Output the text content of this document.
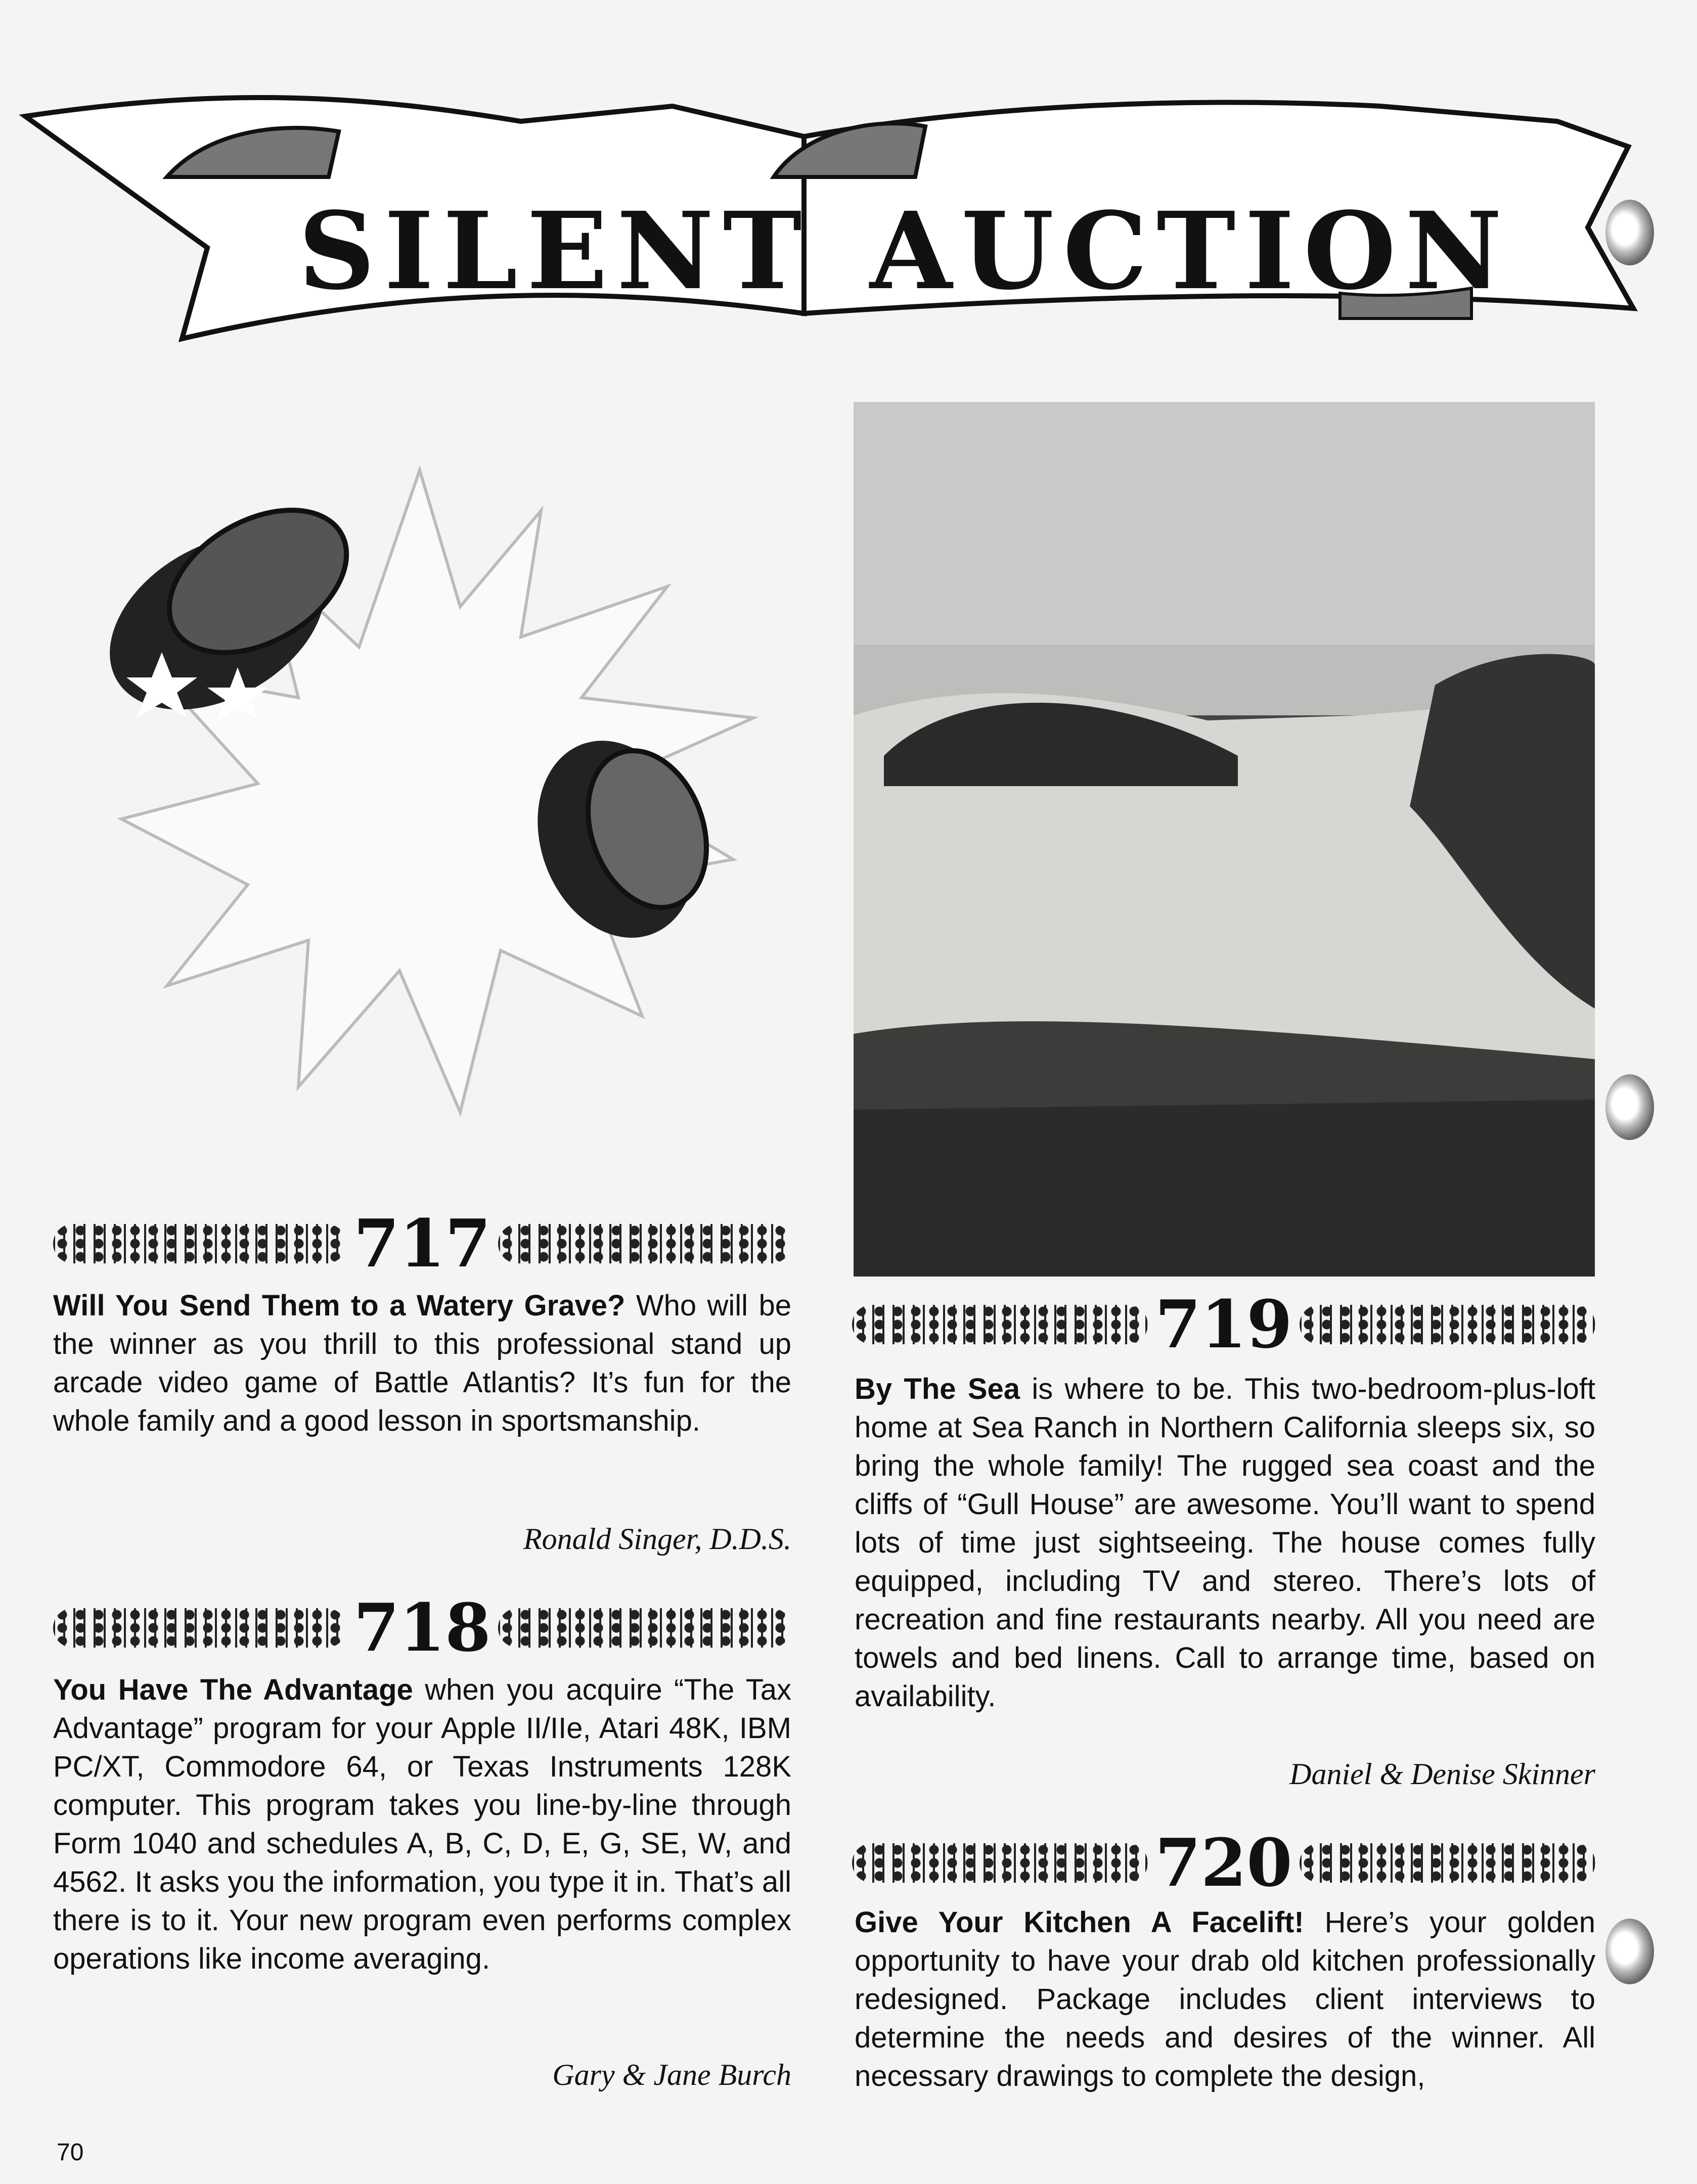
SILENT AUCTION
717
Will You Send Them to a Watery Grave? Who will be the winner as you thrill to this professional stand up arcade video game of Battle Atlantis? It’s fun for the whole family and a good lesson in sportsmanship.
Ronald Singer, D.D.S.
718
You Have The Advantage when you acquire “The Tax Advantage” program for your Apple II/IIe, Atari 48K, IBM PC/XT, Commodore 64, or Texas Instruments 128K computer. This program takes you line-by-line through Form 1040 and schedules A, B, C, D, E, G, SE, W, and 4562. It asks you the information, you type it in. That’s all there is to it. Your new program even performs complex operations like income averaging.
Gary & Jane Burch
719
By The Sea is where to be. This two-bedroom-plus-loft home at Sea Ranch in Northern California sleeps six, so bring the whole family! The rugged sea coast and the cliffs of “Gull House” are awesome. You’ll want to spend lots of time just sightseeing. The house comes fully equipped, including TV and stereo. There’s lots of recreation and fine restaurants nearby. All you need are towels and bed linens. Call to arrange time, based on availability.
Daniel & Denise Skinner
720
Give Your Kitchen A Facelift! Here’s your golden opportunity to have your drab old kitchen professionally redesigned. Package includes client interviews to determine the needs and desires of the winner. All necessary drawings to complete the design,
70
